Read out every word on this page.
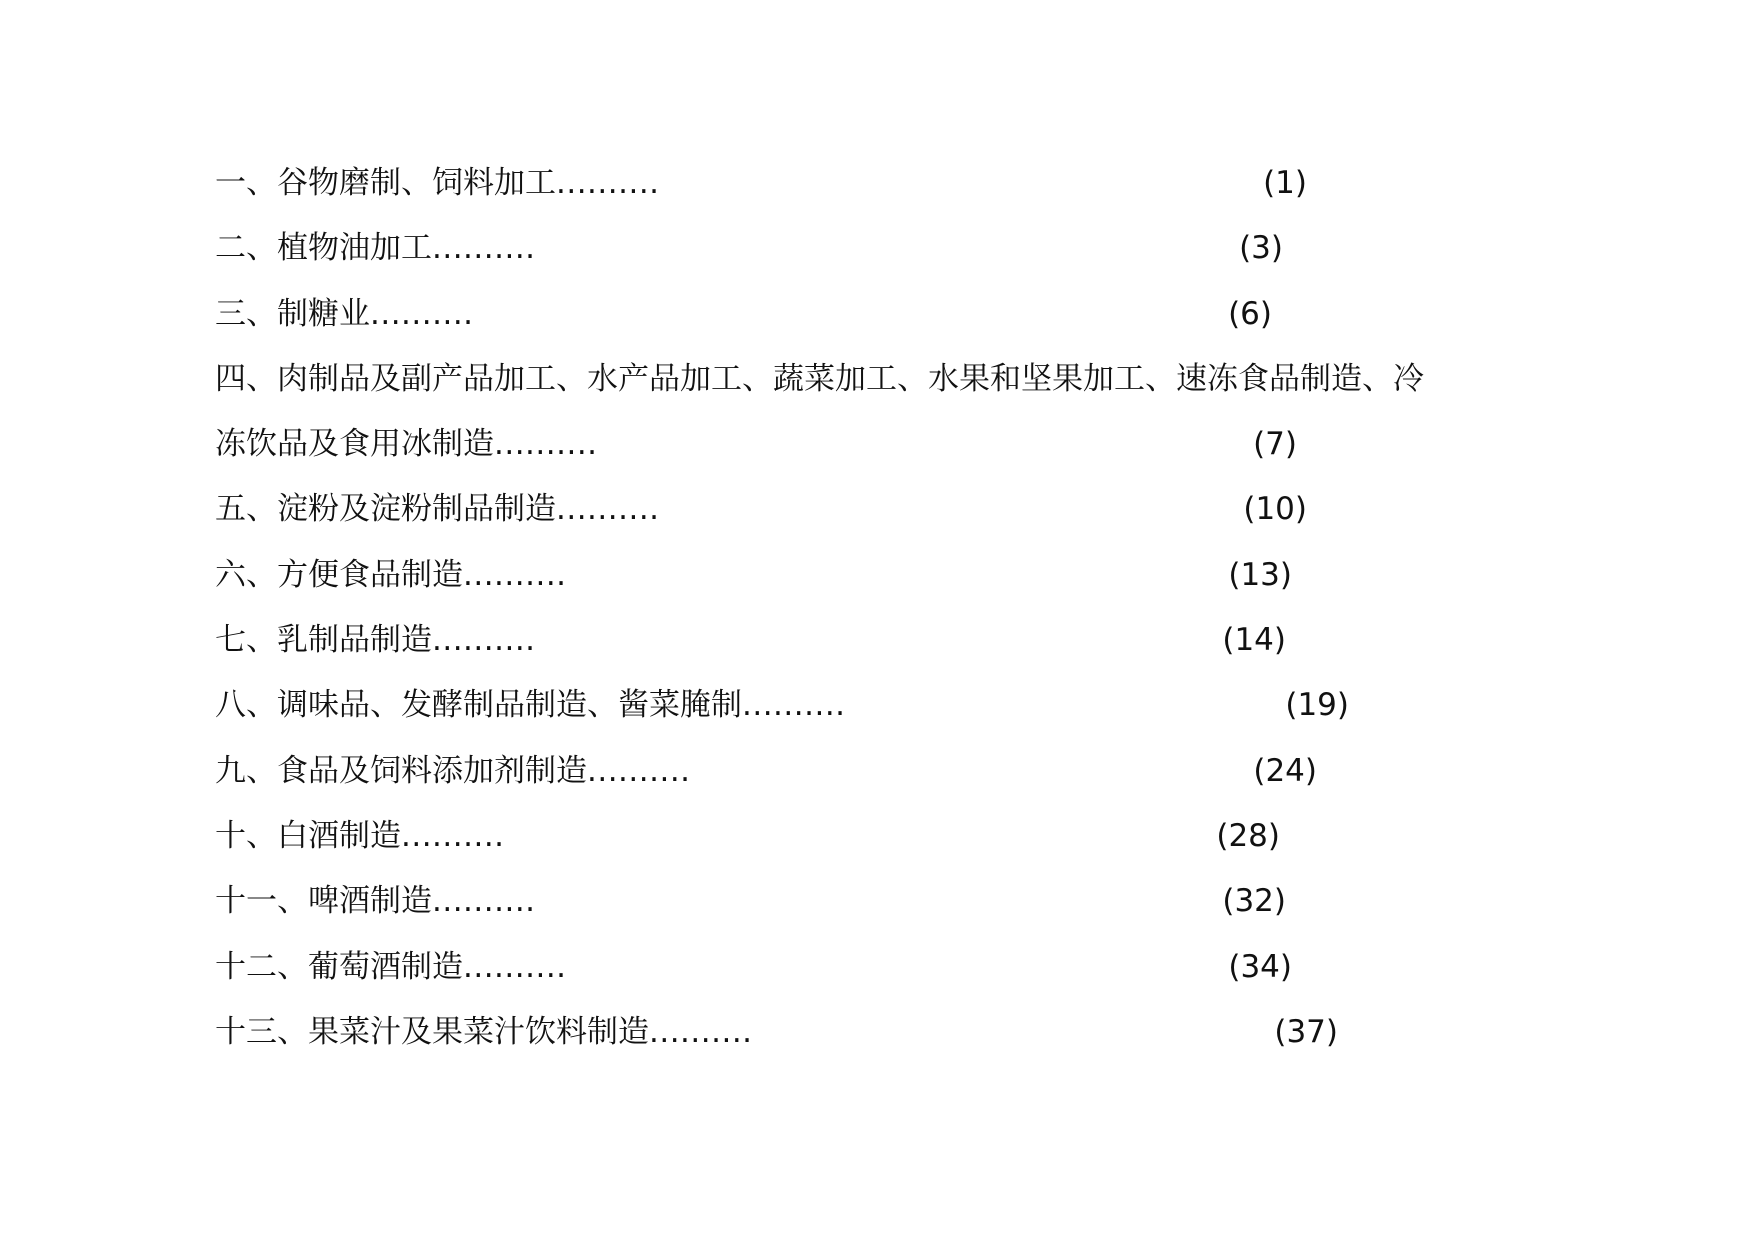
一、谷物磨制、饲料加工..........	(1)
二、植物油加工..........	(3)
三、制糖业..........	(6)
四、肉制品及副产品加工、水产品加工、蔬菜加工、水果和坚果加工、速冻食品制造、冷
冻饮品及食用冰制造..........	(7)
五、淀粉及淀粉制品制造..........	(10)
六、方便食品制造..........	(13)
七、乳制品制造..........	(14)
八、调味品、发酵制品制造、酱菜腌制..........	(19)
九、食品及饲料添加剂制造..........	(24)
十、白酒制造..........	(28)
十一、啤酒制造..........	(32)
十二、葡萄酒制造..........	(34)
十三、果菜汁及果菜汁饮料制造..........	(37)
